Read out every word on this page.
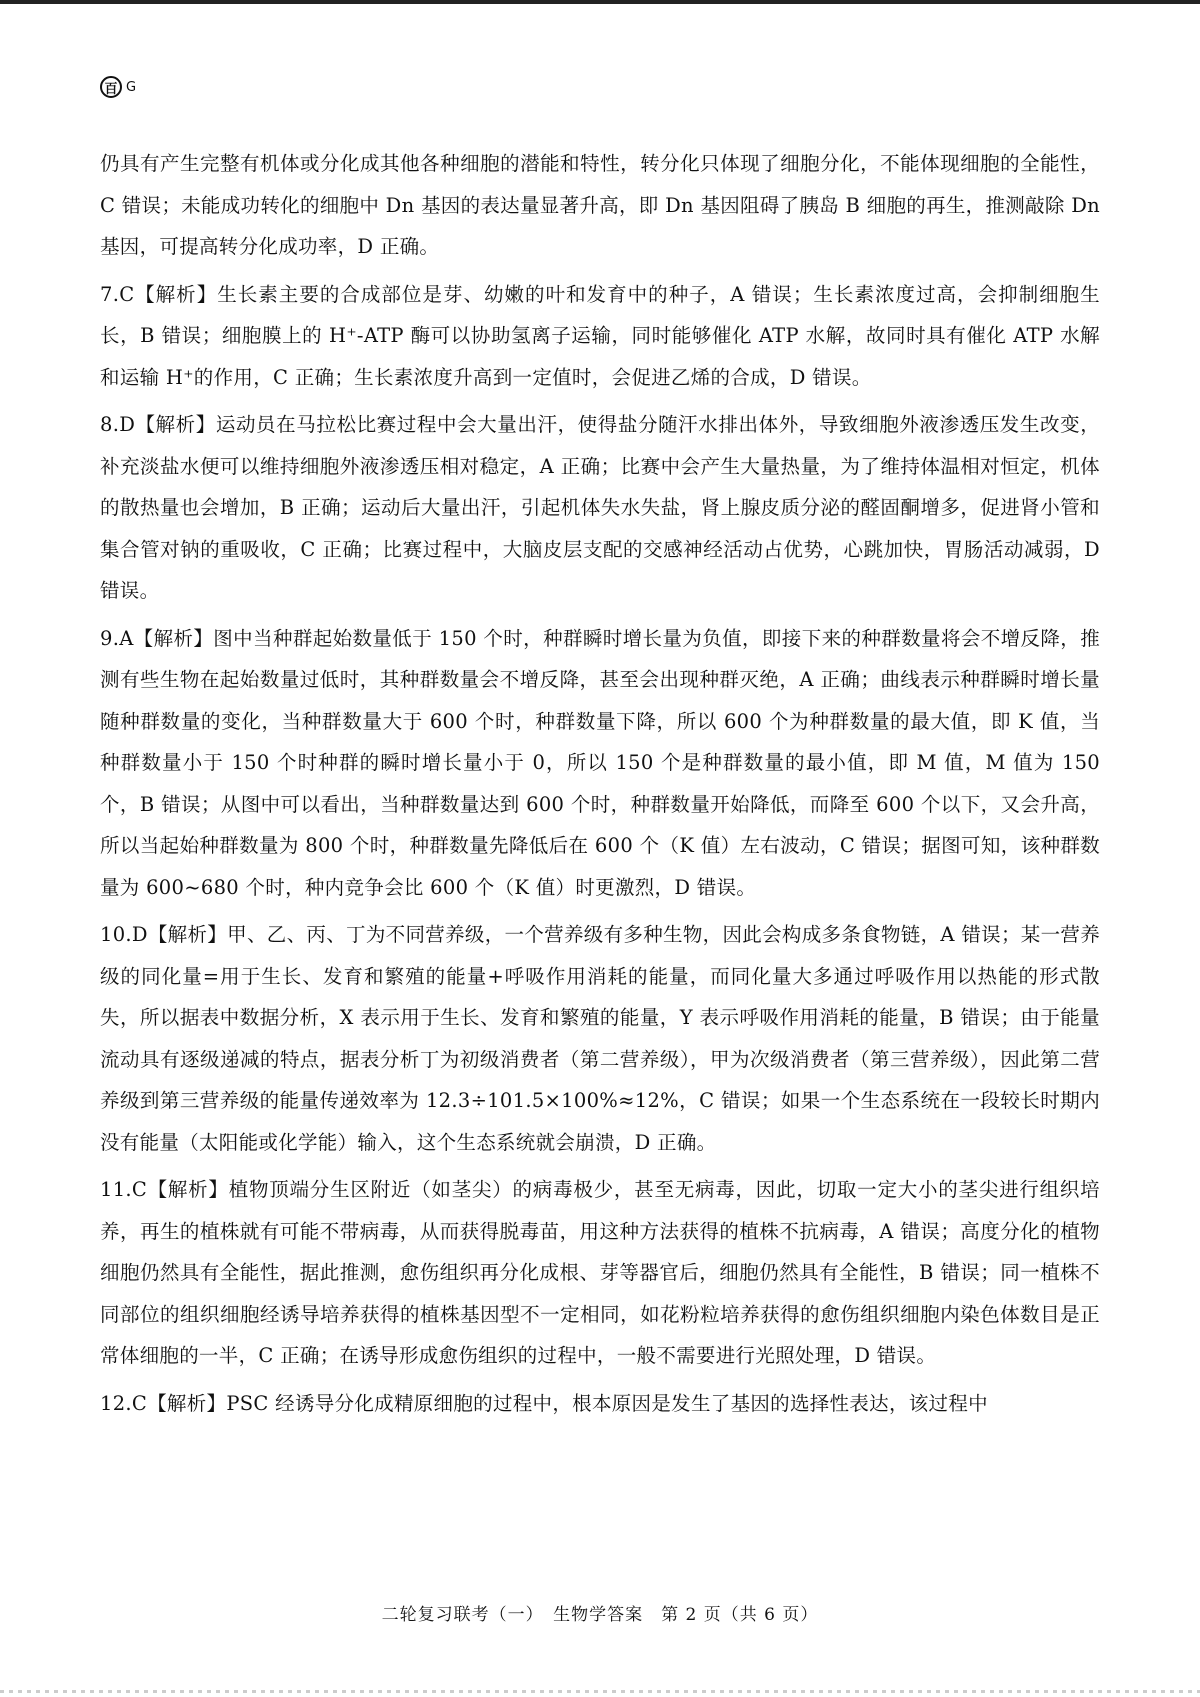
百 G

仍具有产生完整有机体或分化成其他各种细胞的潜能和特性，转分化只体现了细胞分化，不能体现细胞的全能性，C 错误；未能成功转化的细胞中 Dn 基因的表达量显著升高，即 Dn 基因阻碍了胰岛 B 细胞的再生，推测敲除 Dn 基因，可提高转分化成功率，D 正确。

7.C【解析】生长素主要的合成部位是芽、幼嫩的叶和发育中的种子，A 错误；生长素浓度过高，会抑制细胞生长，B 错误；细胞膜上的 H⁺-ATP 酶可以协助氢离子运输，同时能够催化 ATP 水解，故同时具有催化 ATP 水解和运输 H⁺的作用，C 正确；生长素浓度升高到一定值时，会促进乙烯的合成，D 错误。

8.D【解析】运动员在马拉松比赛过程中会大量出汗，使得盐分随汗水排出体外，导致细胞外液渗透压发生改变，补充淡盐水便可以维持细胞外液渗透压相对稳定，A 正确；比赛中会产生大量热量，为了维持体温相对恒定，机体的散热量也会增加，B 正确；运动后大量出汗，引起机体失水失盐，肾上腺皮质分泌的醛固酮增多，促进肾小管和集合管对钠的重吸收，C 正确；比赛过程中，大脑皮层支配的交感神经活动占优势，心跳加快，胃肠活动减弱，D 错误。

9.A【解析】图中当种群起始数量低于 150 个时，种群瞬时增长量为负值，即接下来的种群数量将会不增反降，推测有些生物在起始数量过低时，其种群数量会不增反降，甚至会出现种群灭绝，A 正确；曲线表示种群瞬时增长量随种群数量的变化，当种群数量大于 600 个时，种群数量下降，所以 600 个为种群数量的最大值，即 K 值，当种群数量小于 150 个时种群的瞬时增长量小于 0，所以 150 个是种群数量的最小值，即 M 值，M 值为 150 个，B 错误；从图中可以看出，当种群数量达到 600 个时，种群数量开始降低，而降至 600 个以下，又会升高，所以当起始种群数量为 800 个时，种群数量先降低后在 600 个（K 值）左右波动，C 错误；据图可知，该种群数量为 600~680 个时，种内竞争会比 600 个（K 值）时更激烈，D 错误。

10.D【解析】甲、乙、丙、丁为不同营养级，一个营养级有多种生物，因此会构成多条食物链，A 错误；某一营养级的同化量=用于生长、发育和繁殖的能量+呼吸作用消耗的能量，而同化量大多通过呼吸作用以热能的形式散失，所以据表中数据分析，X 表示用于生长、发育和繁殖的能量，Y 表示呼吸作用消耗的能量，B 错误；由于能量流动具有逐级递减的特点，据表分析丁为初级消费者（第二营养级），甲为次级消费者（第三营养级），因此第二营养级到第三营养级的能量传递效率为 12.3÷101.5×100%≈12%，C 错误；如果一个生态系统在一段较长时期内没有能量（太阳能或化学能）输入，这个生态系统就会崩溃，D 正确。

11.C【解析】植物顶端分生区附近（如茎尖）的病毒极少，甚至无病毒，因此，切取一定大小的茎尖进行组织培养，再生的植株就有可能不带病毒，从而获得脱毒苗，用这种方法获得的植株不抗病毒，A 错误；高度分化的植物细胞仍然具有全能性，据此推测，愈伤组织再分化成根、芽等器官后，细胞仍然具有全能性，B 错误；同一植株不同部位的组织细胞经诱导培养获得的植株基因型不一定相同，如花粉粒培养获得的愈伤组织细胞内染色体数目是正常体细胞的一半，C 正确；在诱导形成愈伤组织的过程中，一般不需要进行光照处理，D 错误。

12.C【解析】PSC 经诱导分化成精原细胞的过程中，根本原因是发生了基因的选择性表达，该过程中

二轮复习联考（一）　生物学答案　第 2 页（共 6 页）
